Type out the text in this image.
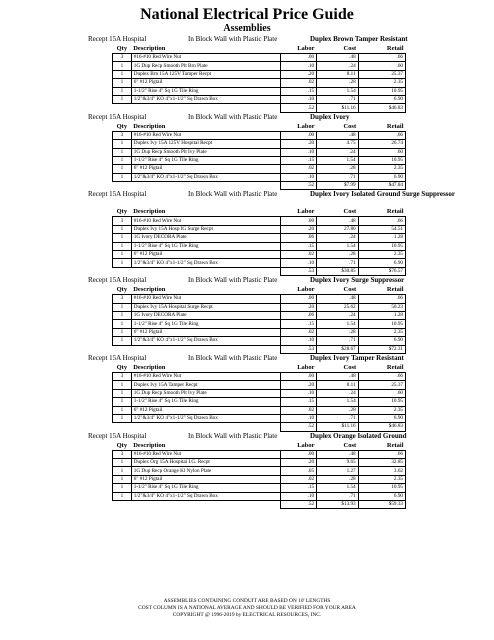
National Electrical Price Guide
Assemblies
Recept 15A Hospital	In Block Wall with Plastic Plate	Duplex Brown Tamper Resistant
Qty	Description	Labor	Cost	Retail
3	#16-#10 Red Wire Nut	.00	.48	.66
1	1G Dup Recp Smooth Plt Brn Plate	.10	.24	.60
1	Duplex Brn 15A 125V Tamper Recpt	.20	8.11	25.37
1	6" #12 Pigtail	.02	.28	2.35
1	1-1/2" Rise 4" Sq 1G Tile Ring	.15	1.54	10.95
1	1/2"&3/4" KO 4"x1-1/2" Sq Drawn Box	.10	.71	6.90
		.52	$11.16	$46.83
Recept 15A Hospital	In Block Wall with Plastic Plate	Duplex Ivory
Qty	Description	Labor	Cost	Retail
3	#16-#10 Red Wire Nut	.00	.48	.66
1	Duplex Ivy 15A 125V Hospital Recpt	.20	4.75	26.74
1	1G Dup Recp Smooth Plt Ivy Plate	.10	.24	.60
1	1-1/2" Rise 4" Sq 1G Tile Ring	.15	1.54	10.95
1	6" #12 Pigtail	.02	.28	2.35
1	1/2"&3/4" KO 4"x1-1/2" Sq Drawn Box	.10	.71	6.90
		.52	$7.99	$47.84
Recept 15A Hospital	In Block Wall with Plastic Plate	Duplex Ivory Isolated Ground Surge Suppressor
Qty	Description	Labor	Cost	Retail
3	#16-#10 Red Wire Nut	.00	.48	.66
1	Duplex Ivy 15A Hosp IG Surge Recpt	.20	27.80	54.51
1	1G Ivory DECORA Plate	.06	.24	1.28
1	1-1/2" Rise 4" Sq 1G Tile Ring	.15	1.54	10.95
1	6" #12 Pigtail	.02	.28	2.35
1	1/2"&3/4" KO 4"x1-1/2" Sq Drawn Box	.10	.71	6.90
		.53	$30.85	$76.57
Recept 15A Hospital	In Block Wall with Plastic Plate	Duplex Ivory Surge Suppressor
Qty	Description	Labor	Cost	Retail
3	#16-#10 Red Wire Nut	.00	.48	.66
1	Duplex Ivy 15A Hospital Surge Recpt	.20	25.62	50.23
1	1G Ivory DECORA Plate	.06	.24	1.28
1	1-1/2" Rise 4" Sq 1G Tile Ring	.15	1.54	10.95
1	6" #12 Pigtail	.02	.28	2.35
1	1/2"&3/4" KO 4"x1-1/2" Sq Drawn Box	.10	.71	6.90
		.53	$28.67	$72.31
Recept 15A Hospital	In Block Wall with Plastic Plate	Duplex Ivory Tamper Resistant
Qty	Description	Labor	Cost	Retail
3	#16-#10 Red Wire Nut	.00	.48	.66
1	Duplex Ivy 15A Tamper Recpt	.20	8.11	25.37
1	1G Dup Recp Smooth Plt Ivy Plate	.10	.24	.60
1	1-1/2" Rise 4" Sq 1G Tile Ring	.15	1.54	10.95
1	6" #12 Pigtail	.02	.28	2.35
1	1/2"&3/4" KO 4"x1-1/2" Sq Drawn Box	.10	.71	6.90
		.52	$11.16	$46.83
Recept 15A Hospital	In Block Wall with Plastic Plate	Duplex Orange Isolated Ground
Qty	Description	Labor	Cost	Retail
3	#16-#10 Red Wire Nut	.00	.48	.66
1	Duplex Org 15A Hospital I.G. Recpt	.20	9.65	32.85
1	1G Dup Recp Orange Kl Nylon Plate	.05	1.27	3.62
1	6" #12 Pigtail	.02	.28	2.35
1	1-1/2" Rise 4" Sq 1G Tile Ring	.15	1.54	10.95
1	1/2"&3/4" KO 4"x1-1/2" Sq Drawn Box	.10	.71	6.90
		.52	$13.93	$59.33
ASSEMBLIES CONTAINING CONDUIT ARE BASED ON 10' LENGTHS
COST COLUMN IS A NATIONAL AVERAGE AND SHOULD BE VERIFIED FOR YOUR AREA
COPYRIGHT @ 1996-2019 by ELECTRICAL RESOURCES, INC.
